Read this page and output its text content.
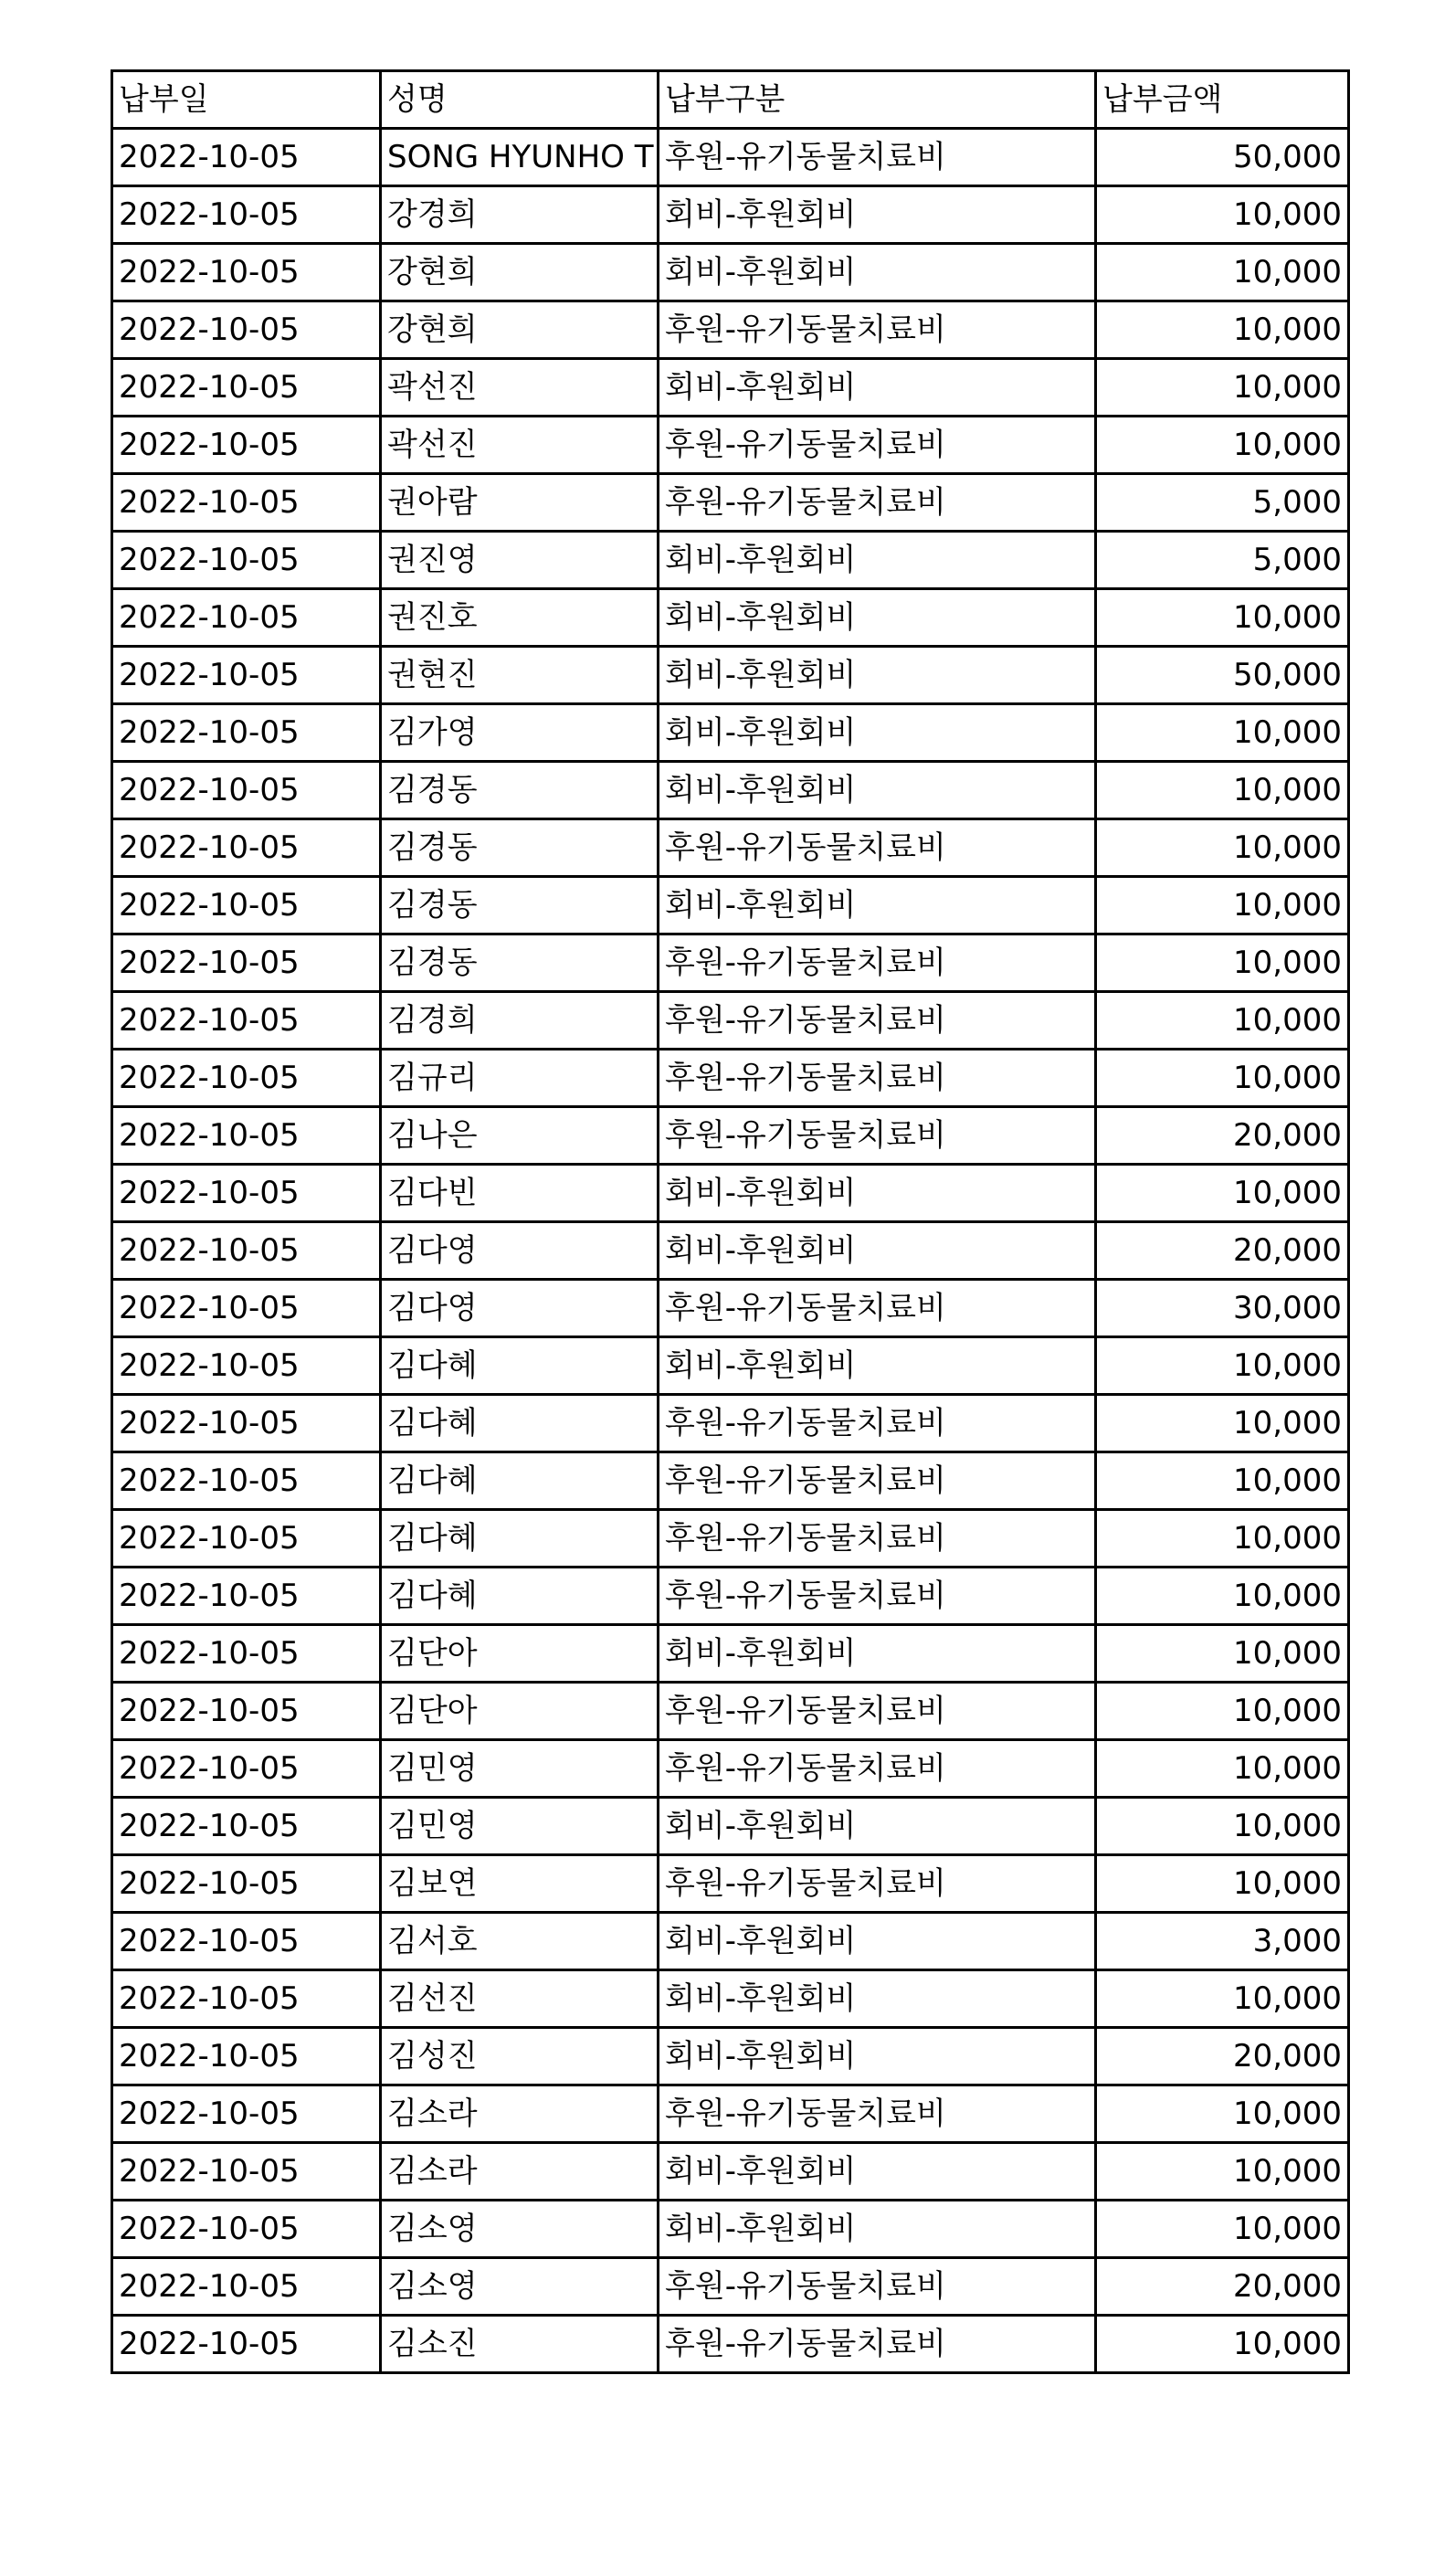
납부일	성명	납부구분	납부금액
2022-10-05	SONG HYUNHO T	후원-유기동물치료비	50,000
2022-10-05	강경희	회비-후원회비	10,000
2022-10-05	강현희	회비-후원회비	10,000
2022-10-05	강현희	후원-유기동물치료비	10,000
2022-10-05	곽선진	회비-후원회비	10,000
2022-10-05	곽선진	후원-유기동물치료비	10,000
2022-10-05	권아람	후원-유기동물치료비	5,000
2022-10-05	권진영	회비-후원회비	5,000
2022-10-05	권진호	회비-후원회비	10,000
2022-10-05	권현진	회비-후원회비	50,000
2022-10-05	김가영	회비-후원회비	10,000
2022-10-05	김경동	회비-후원회비	10,000
2022-10-05	김경동	후원-유기동물치료비	10,000
2022-10-05	김경동	회비-후원회비	10,000
2022-10-05	김경동	후원-유기동물치료비	10,000
2022-10-05	김경희	후원-유기동물치료비	10,000
2022-10-05	김규리	후원-유기동물치료비	10,000
2022-10-05	김나은	후원-유기동물치료비	20,000
2022-10-05	김다빈	회비-후원회비	10,000
2022-10-05	김다영	회비-후원회비	20,000
2022-10-05	김다영	후원-유기동물치료비	30,000
2022-10-05	김다혜	회비-후원회비	10,000
2022-10-05	김다혜	후원-유기동물치료비	10,000
2022-10-05	김다혜	후원-유기동물치료비	10,000
2022-10-05	김다혜	후원-유기동물치료비	10,000
2022-10-05	김다혜	후원-유기동물치료비	10,000
2022-10-05	김단아	회비-후원회비	10,000
2022-10-05	김단아	후원-유기동물치료비	10,000
2022-10-05	김민영	후원-유기동물치료비	10,000
2022-10-05	김민영	회비-후원회비	10,000
2022-10-05	김보연	후원-유기동물치료비	10,000
2022-10-05	김서호	회비-후원회비	3,000
2022-10-05	김선진	회비-후원회비	10,000
2022-10-05	김성진	회비-후원회비	20,000
2022-10-05	김소라	후원-유기동물치료비	10,000
2022-10-05	김소라	회비-후원회비	10,000
2022-10-05	김소영	회비-후원회비	10,000
2022-10-05	김소영	후원-유기동물치료비	20,000
2022-10-05	김소진	후원-유기동물치료비	10,000
